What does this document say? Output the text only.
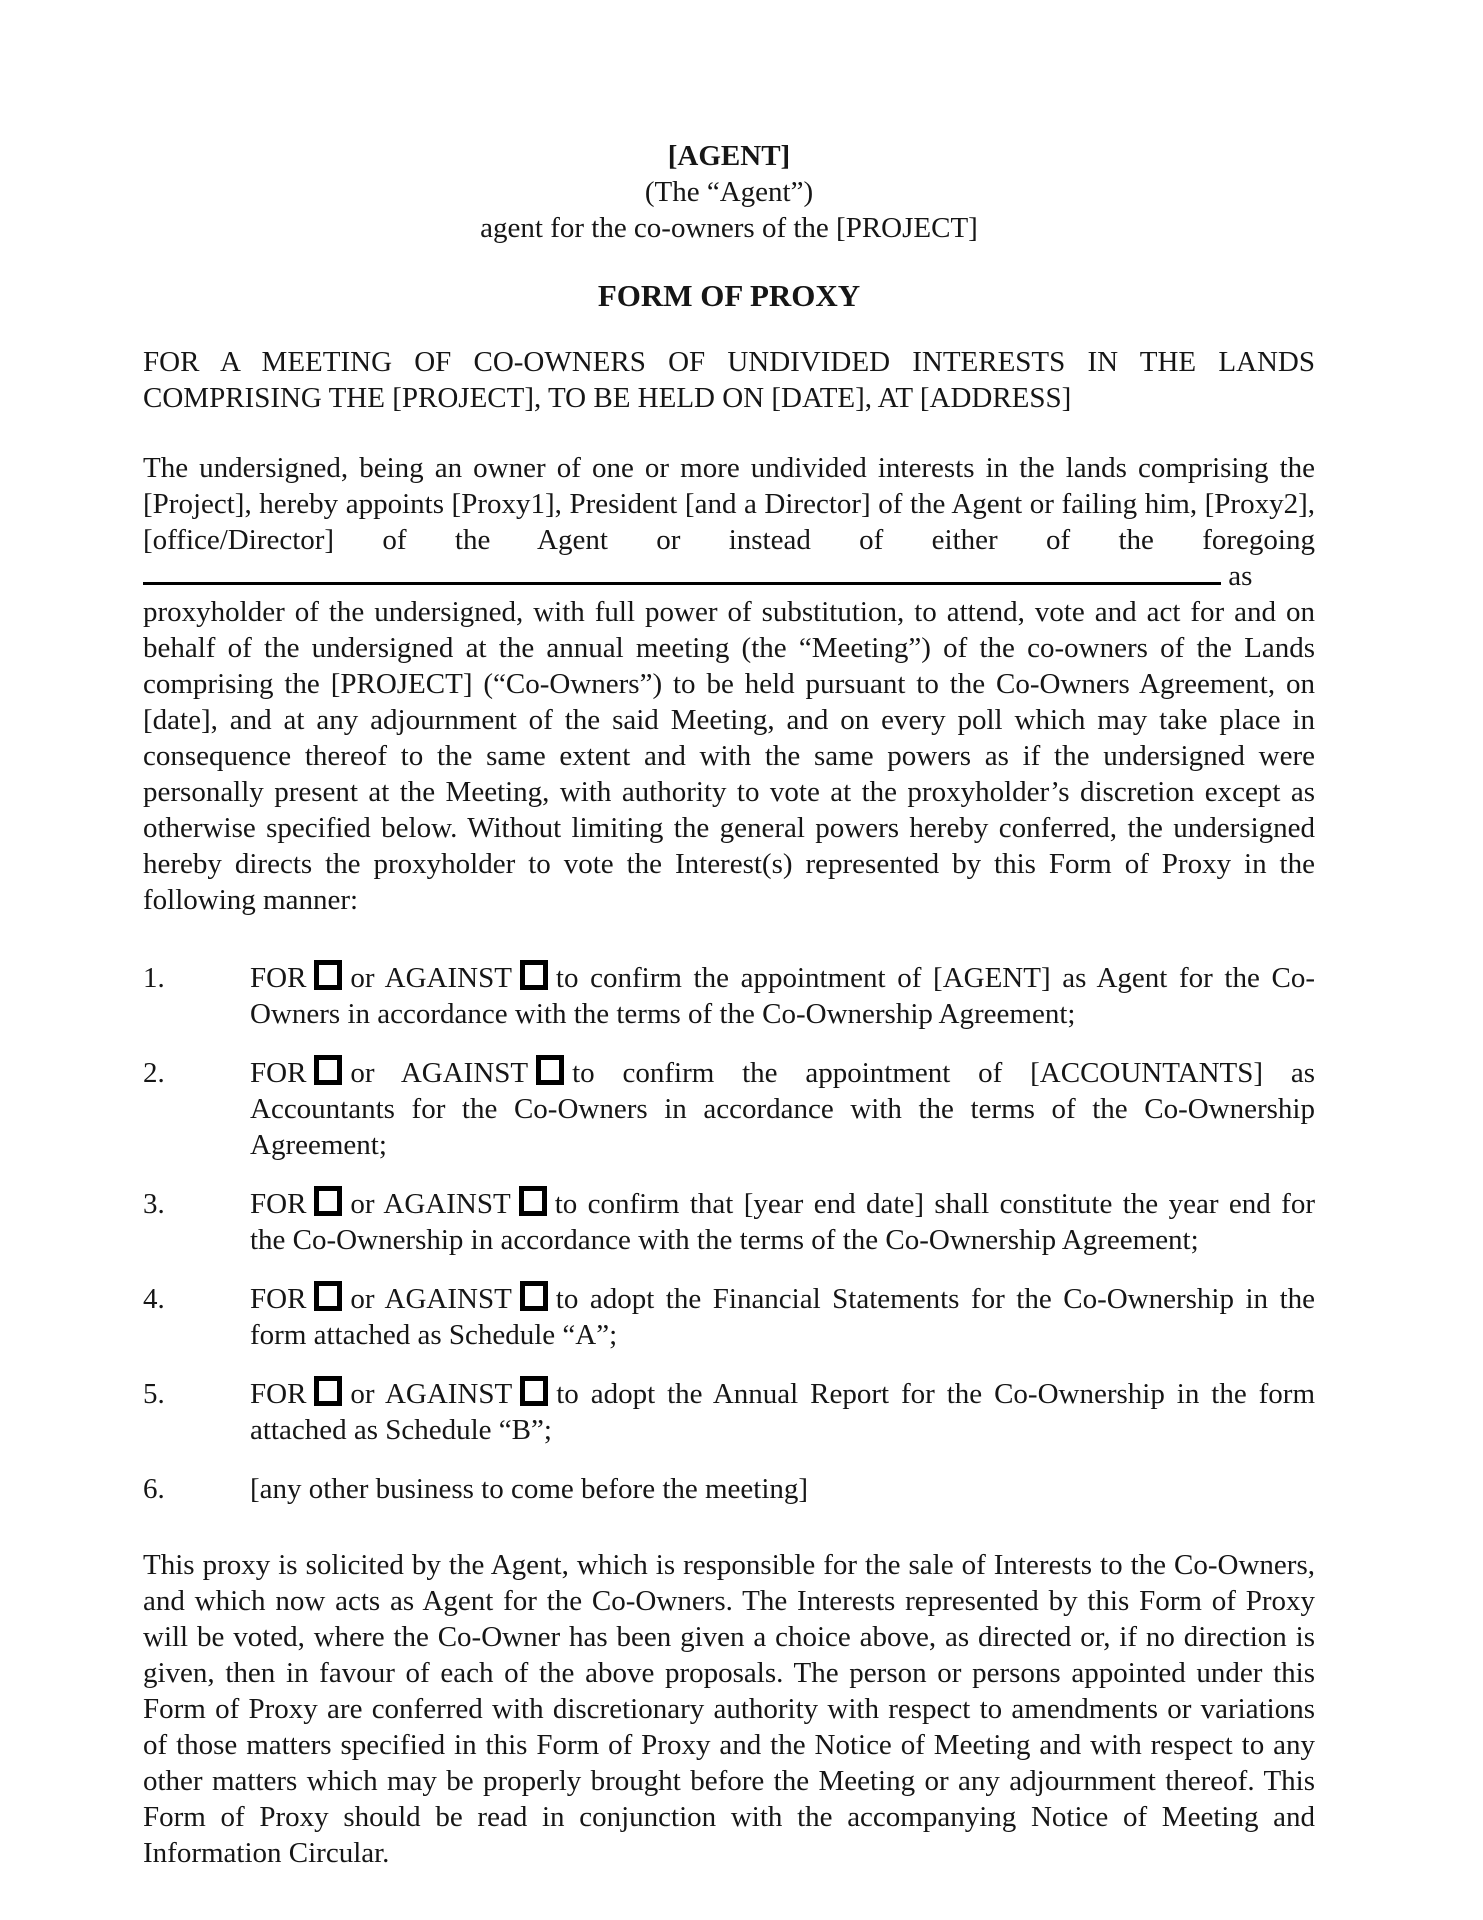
[AGENT]
(The “Agent”)
agent for the co-owners of the [PROJECT]
FORM OF PROXY

FOR A MEETING OF CO-OWNERS OF UNDIVIDED INTERESTS IN THE LANDS COMPRISING THE [PROJECT], TO BE HELD ON [DATE], AT [ADDRESS]

The undersigned, being an owner of one or more undivided interests in the lands comprising the [Project], hereby appoints [Proxy1], President [and a Director] of the Agent or failing him, [Proxy2], [office/Director] of the Agent or instead of either of the foregoing

as

proxyholder of the undersigned, with full power of substitution, to attend, vote and act for and on behalf of the undersigned at the annual meeting (the “Meeting”) of the co-owners of the Lands comprising the [PROJECT] (“Co-Owners”) to be held pursuant to the Co-Owners Agreement, on [date], and at any adjournment of the said Meeting, and on every poll which may take place in consequence thereof to the same extent and with the same powers as if the undersigned were personally present at the Meeting, with authority to vote at the proxyholder’s discretion except as otherwise specified below. Without limiting the general powers hereby conferred, the undersigned hereby directs the proxyholder to vote the Interest(s) represented by this Form of Proxy in the following manner:

1.	FOR or AGAINST to confirm the appointment of [AGENT] as Agent for the Co-Owners in accordance with the terms of the Co-Ownership Agreement;
2.	FOR or AGAINST to confirm the appointment of [ACCOUNTANTS] as Accountants for the Co-Owners in accordance with the terms of the Co-Ownership Agreement;
3.	FOR or AGAINST to confirm that [year end date] shall constitute the year end for the Co-Ownership in accordance with the terms of the Co-Ownership Agreement;
4.	FOR or AGAINST to adopt the Financial Statements for the Co-Ownership in the form attached as Schedule “A”;
5.	FOR or AGAINST to adopt the Annual Report for the Co-Ownership in the form attached as Schedule “B”;
6.	[any other business to come before the meeting]

This proxy is solicited by the Agent, which is responsible for the sale of Interests to the Co-Owners, and which now acts as Agent for the Co-Owners. The Interests represented by this Form of Proxy will be voted, where the Co-Owner has been given a choice above, as directed or, if no direction is given, then in favour of each of the above proposals. The person or persons appointed under this Form of Proxy are conferred with discretionary authority with respect to amendments or variations of those matters specified in this Form of Proxy and the Notice of Meeting and with respect to any other matters which may be properly brought before the Meeting or any adjournment thereof. This Form of Proxy should be read in conjunction with the accompanying Notice of Meeting and Information Circular.
